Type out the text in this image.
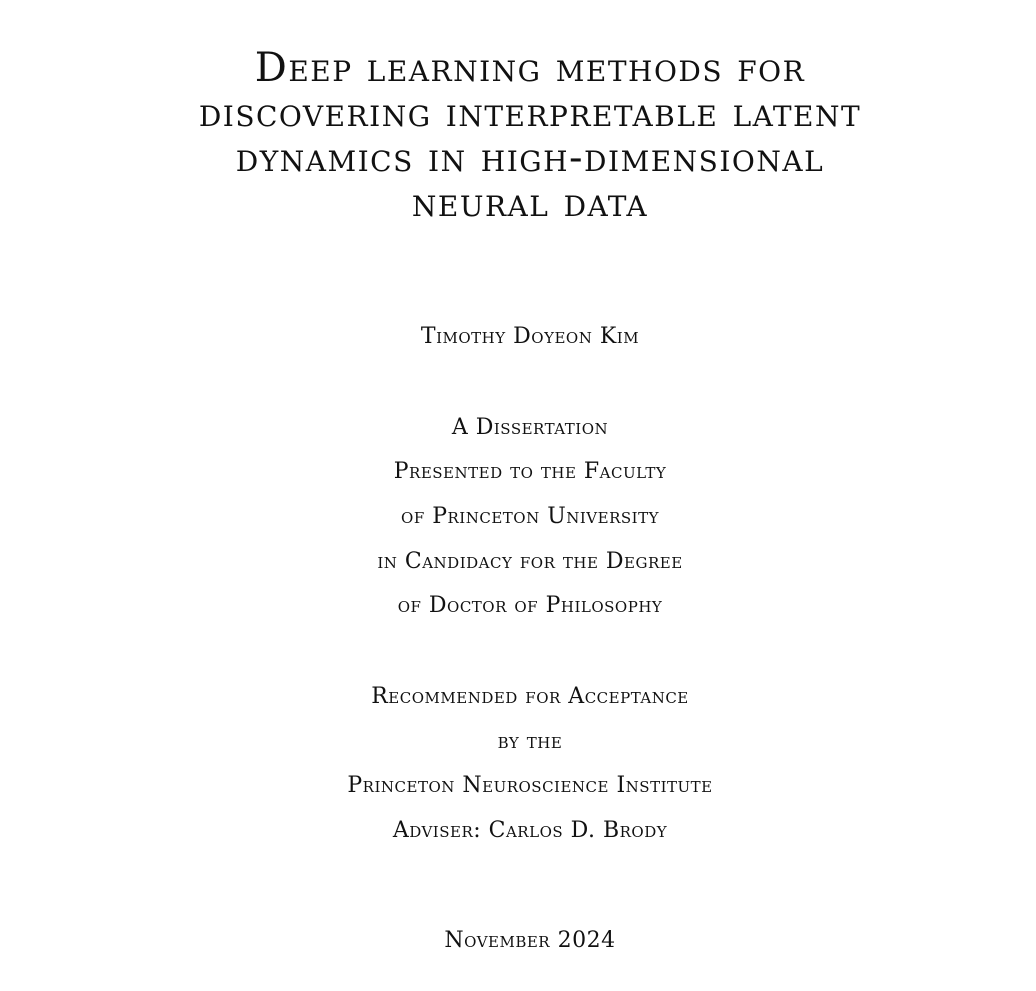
Deep learning methods for
discovering interpretable latent
dynamics in high-dimensional
neural data
Timothy Doyeon Kim
A Dissertation
Presented to the Faculty
of Princeton University
in Candidacy for the Degree
of Doctor of Philosophy
Recommended for Acceptance
by the
Princeton Neuroscience Institute
Adviser: Carlos D. Brody
November 2024
